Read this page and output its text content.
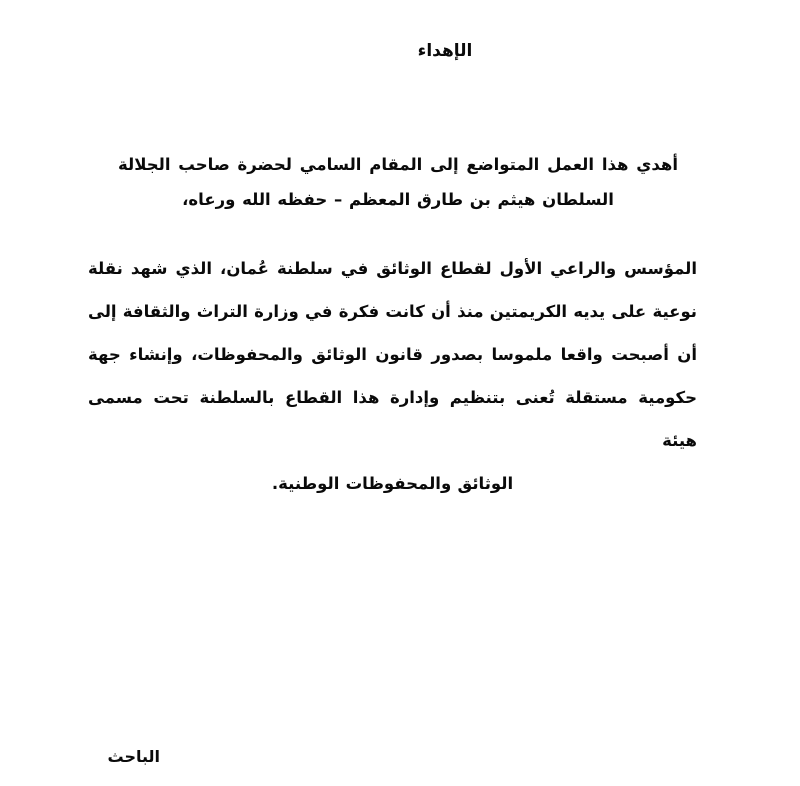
الإهداء

أهدي هذا العمل المتواضع إلى المقام السامي لحضرة صاحب الجلالة السلطان هيثم بن طارق المعظم – حفظه الله ورعاه،

المؤسس والراعي الأول لقطاع الوثائق في سلطنة عُمان، الذي شهد نقلة نوعية على يديه الكريمتين منذ أن كانت فكرة في وزارة التراث والثقافة إلى أن أصبحت واقعا ملموسا بصدور قانون الوثائق والمحفوظات، وإنشاء جهة حكومية مستقلة تُعنى بتنظيم وإدارة هذا القطاع بالسلطنة تحت مسمى هيئة
الوثائق والمحفوظات الوطنية.

الباحث
